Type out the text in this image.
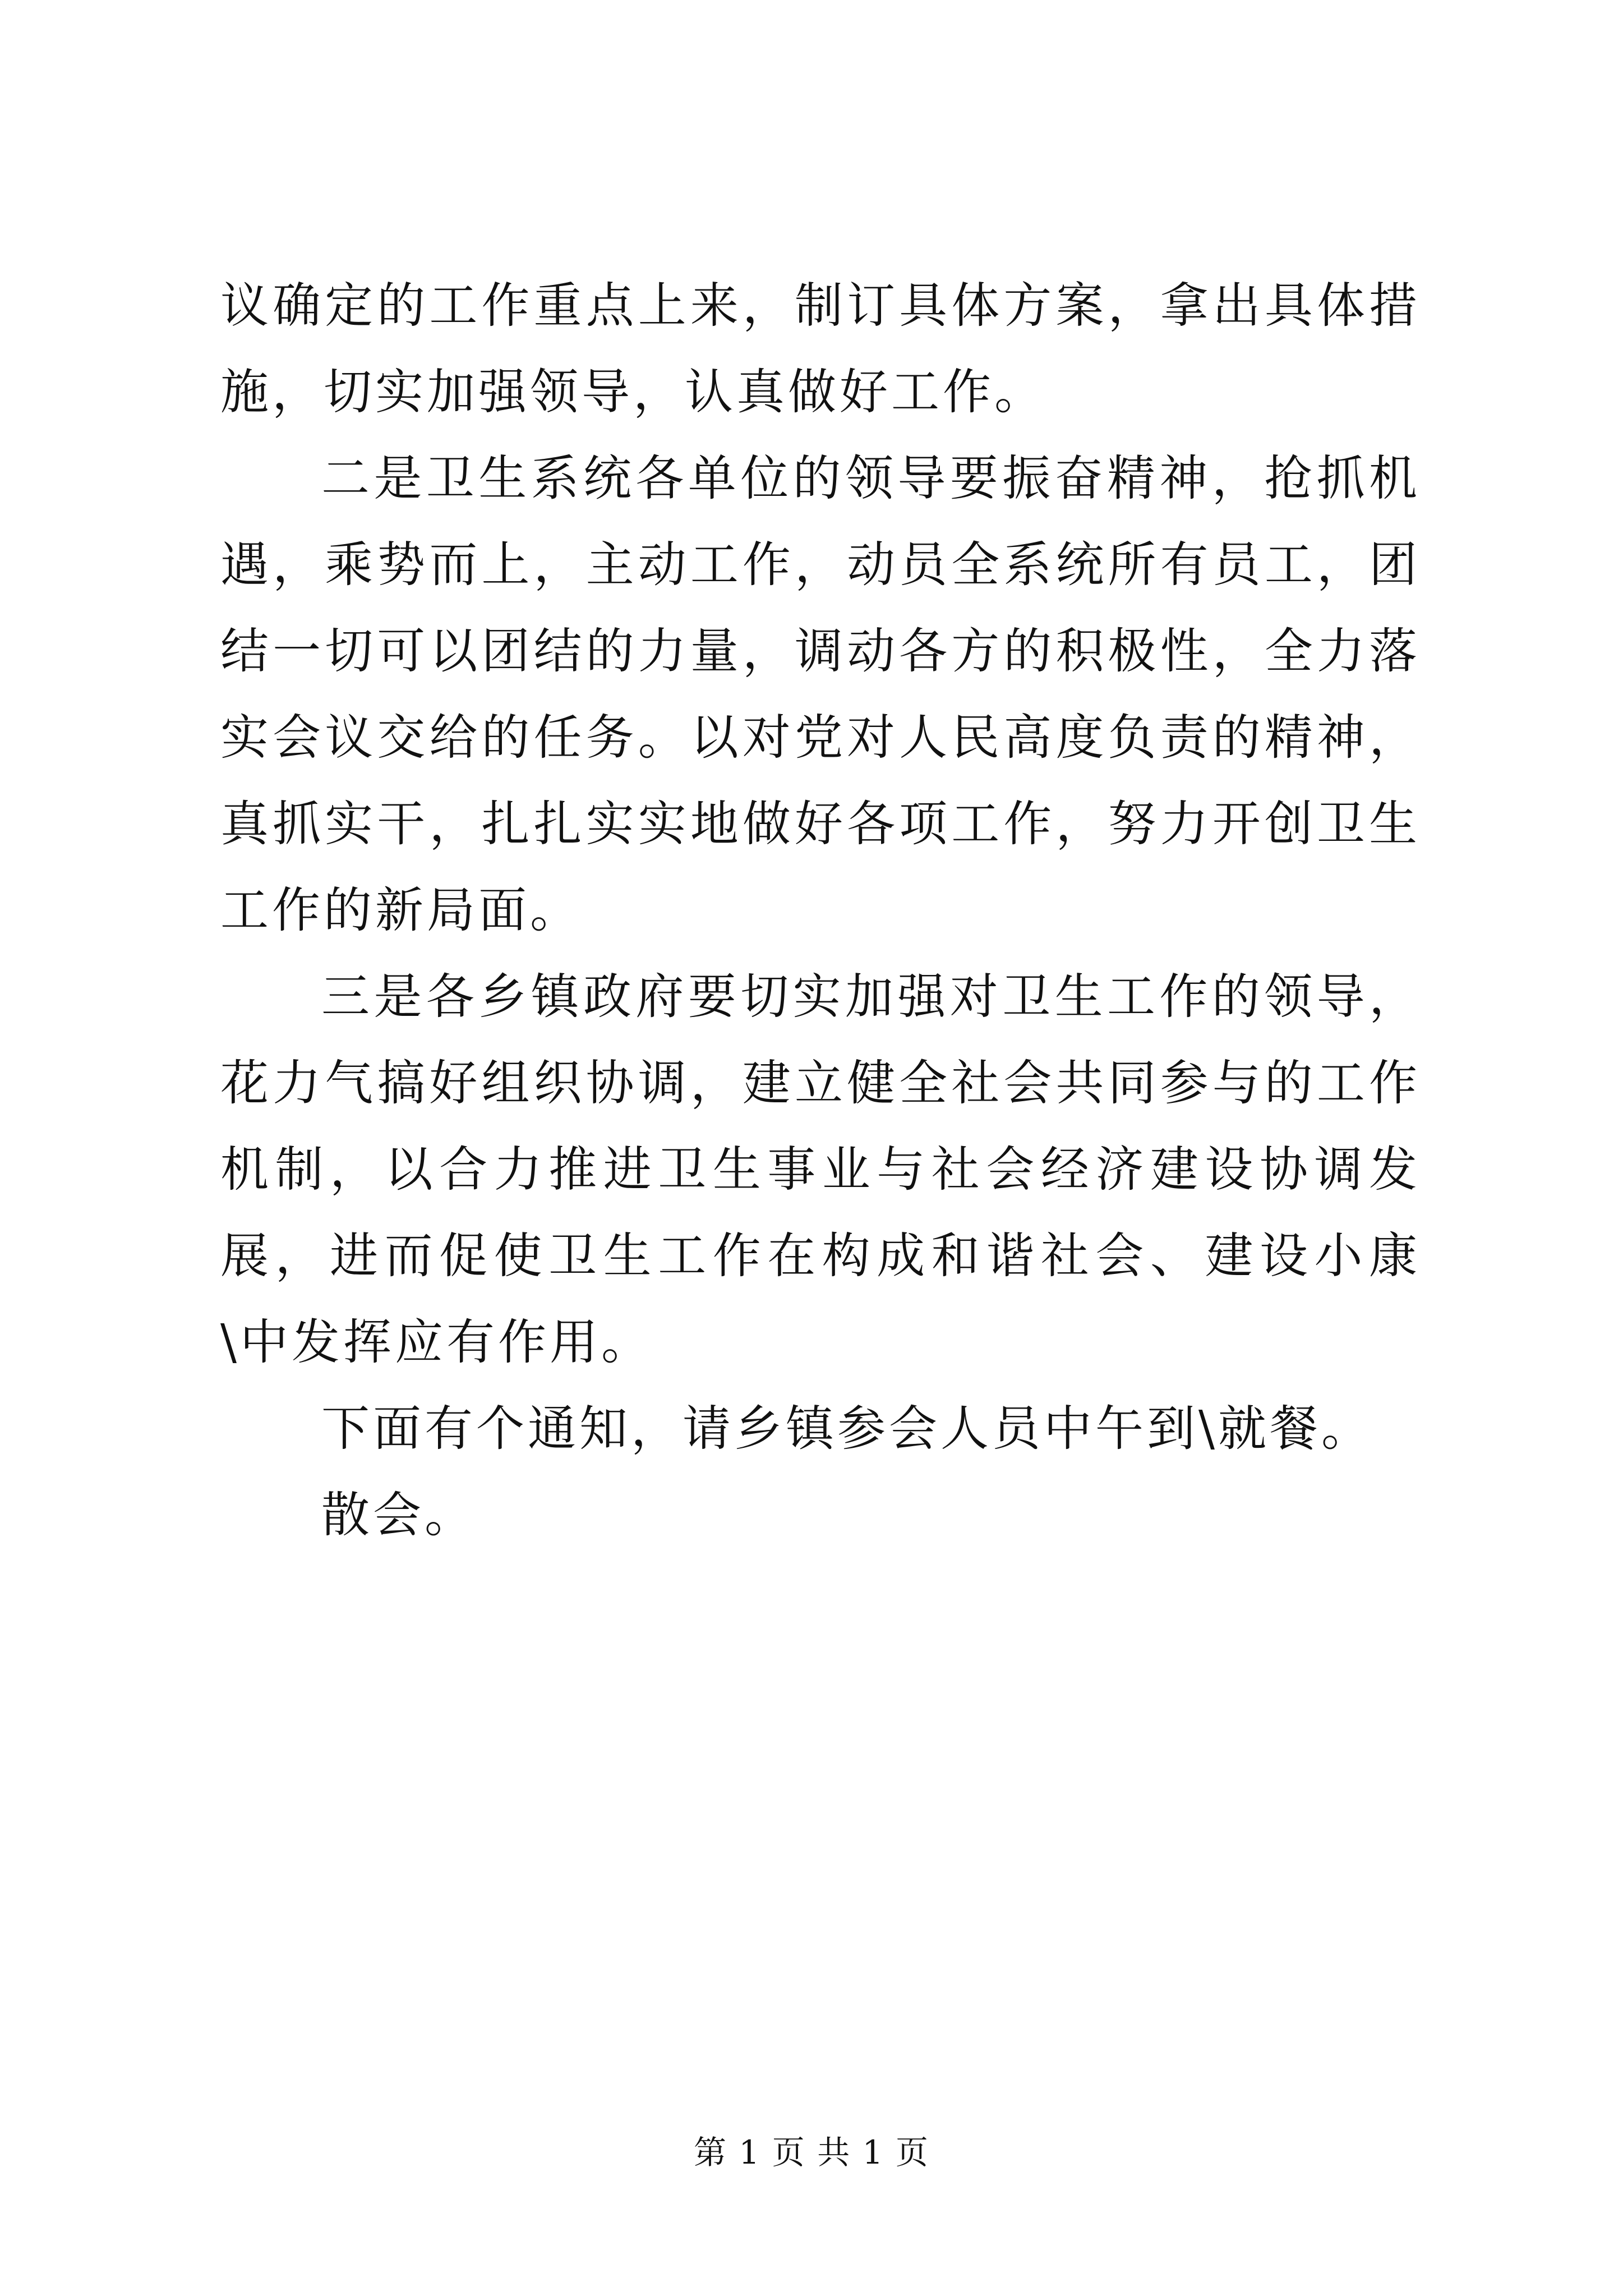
议确定的工作重点上来，制订具体方案，拿出具体措施，切实加强领导，认真做好工作。

二是卫生系统各单位的领导要振奋精神，抢抓机遇，乘势而上，主动工作，动员全系统所有员工，团结一切可以团结的力量，调动各方的积极性，全力落实会议交给的任务。以对党对人民高度负责的精神，真抓实干，扎扎实实地做好各项工作，努力开创卫生工作的新局面。

三是各乡镇政府要切实加强对卫生工作的领导，花力气搞好组织协调，建立健全社会共同参与的工作机制，以合力推进卫生事业与社会经济建设协调发展，进而促使卫生工作在构成和谐社会、建设小康\中发挥应有作用。

下面有个通知，请乡镇参会人员中午到\就餐。

散会。

第 1 页 共 1 页
